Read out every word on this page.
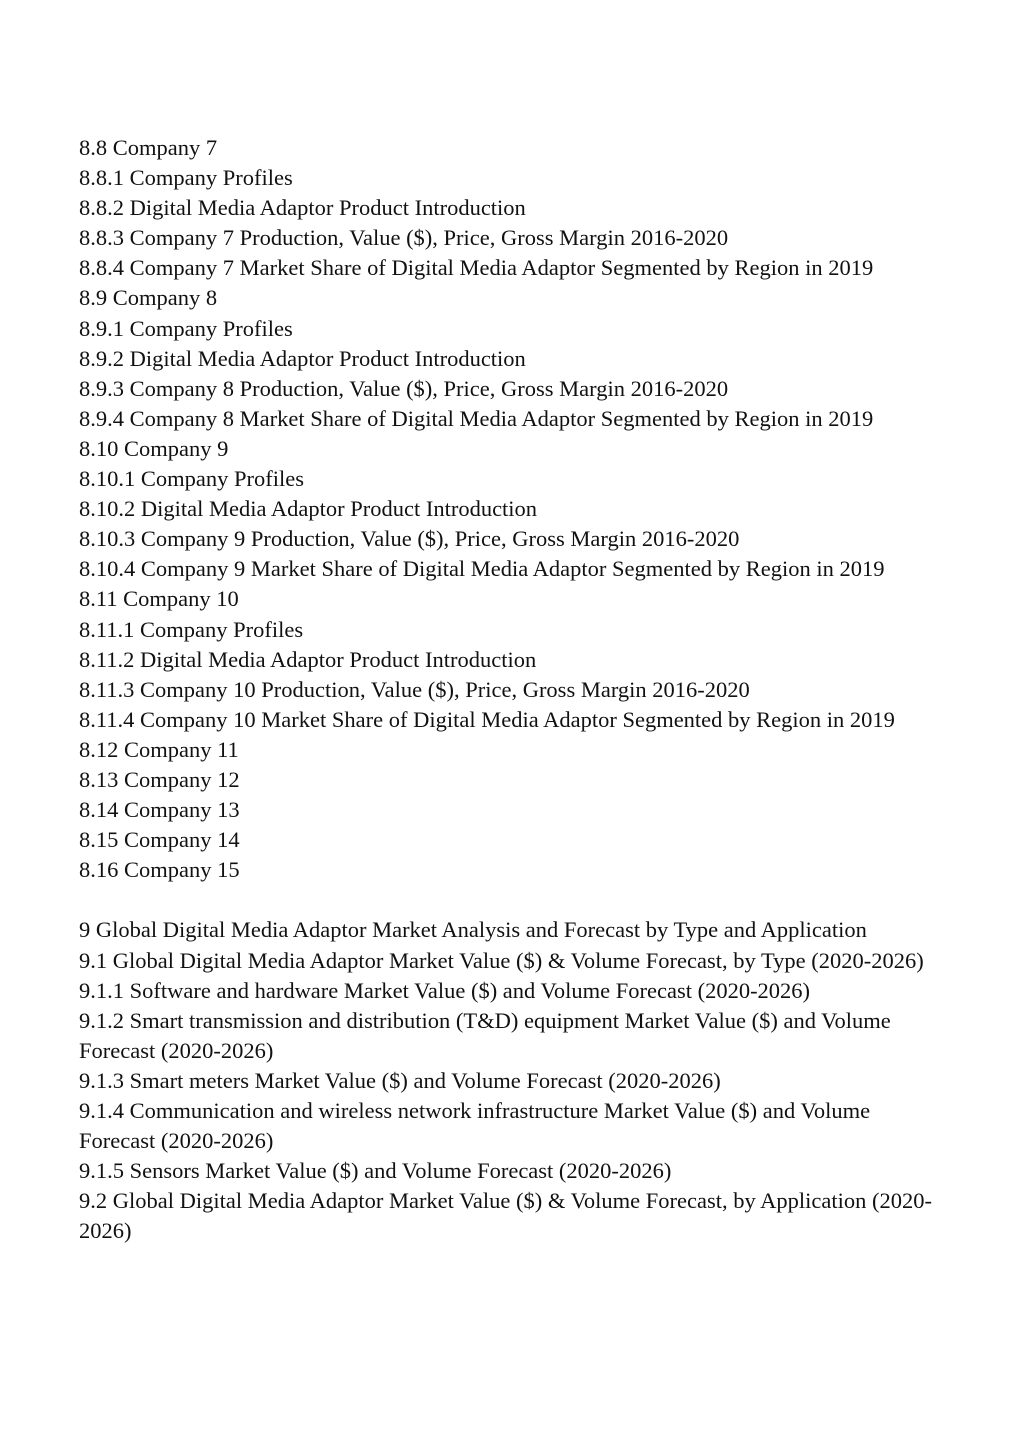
8.8 Company 7
8.8.1 Company Profiles
8.8.2 Digital Media Adaptor Product Introduction
8.8.3 Company 7 Production, Value ($), Price, Gross Margin 2016-2020
8.8.4 Company 7 Market Share of Digital Media Adaptor Segmented by Region in 2019
8.9 Company 8
8.9.1 Company Profiles
8.9.2 Digital Media Adaptor Product Introduction
8.9.3 Company 8 Production, Value ($), Price, Gross Margin 2016-2020
8.9.4 Company 8 Market Share of Digital Media Adaptor Segmented by Region in 2019
8.10 Company 9
8.10.1 Company Profiles
8.10.2 Digital Media Adaptor Product Introduction
8.10.3 Company 9 Production, Value ($), Price, Gross Margin 2016-2020
8.10.4 Company 9 Market Share of Digital Media Adaptor Segmented by Region in 2019
8.11 Company 10
8.11.1 Company Profiles
8.11.2 Digital Media Adaptor Product Introduction
8.11.3 Company 10 Production, Value ($), Price, Gross Margin 2016-2020
8.11.4 Company 10 Market Share of Digital Media Adaptor Segmented by Region in 2019
8.12 Company 11
8.13 Company 12
8.14 Company 13
8.15 Company 14
8.16 Company 15
9 Global Digital Media Adaptor Market Analysis and Forecast by Type and Application
9.1 Global Digital Media Adaptor Market Value ($) & Volume Forecast, by Type (2020-2026)
9.1.1 Software and hardware Market Value ($) and Volume Forecast (2020-2026)
9.1.2 Smart transmission and distribution (T&D) equipment Market Value ($) and Volume Forecast (2020-2026)
9.1.3 Smart meters Market Value ($) and Volume Forecast (2020-2026)
9.1.4 Communication and wireless network infrastructure Market Value ($) and Volume Forecast (2020-2026)
9.1.5 Sensors Market Value ($) and Volume Forecast (2020-2026)
9.2 Global Digital Media Adaptor Market Value ($) & Volume Forecast, by Application (2020-2026)
